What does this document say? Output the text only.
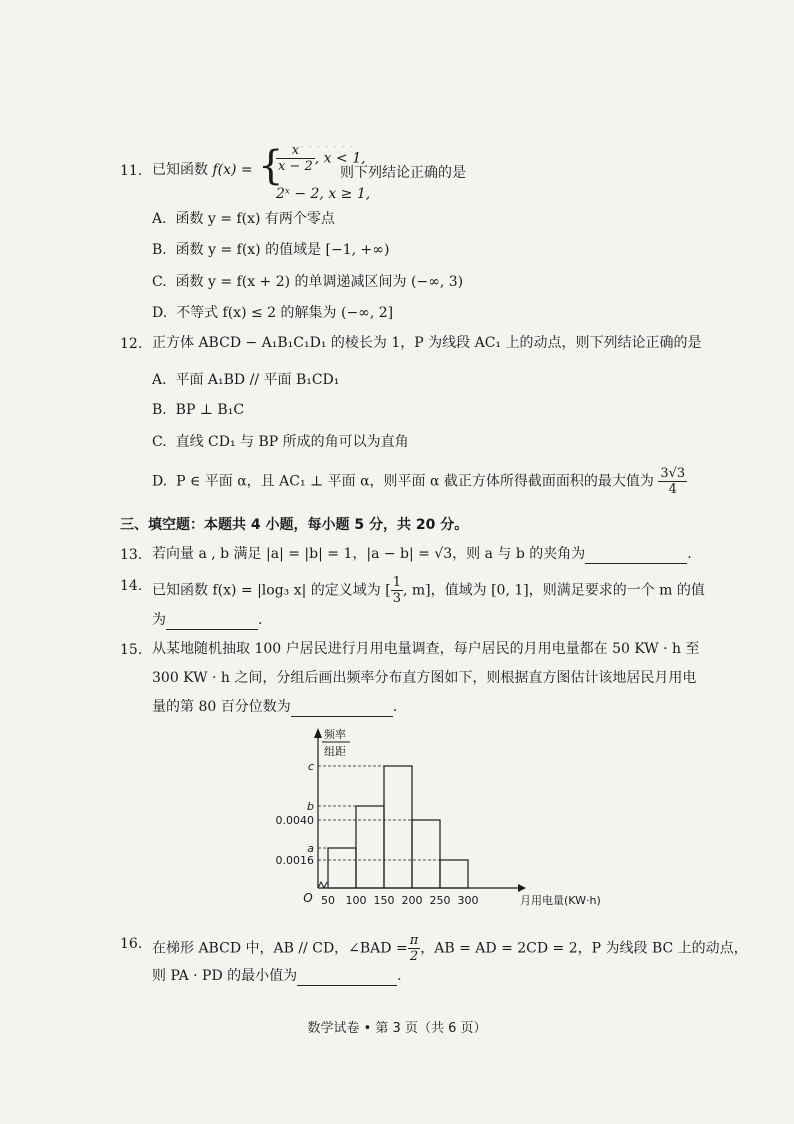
· · · · · · ·
11. 已知函数 f(x) = {
$\frac{x}{x - 2}$ , x < 1,
2ˣ − 2, x ≥ 1,
则下列结论正确的是
A. 函数 y = f(x) 有两个零点
B. 函数 y = f(x) 的值域是 [−1, +∞)
C. 函数 y = f(x + 2) 的单调递减区间为 (−∞, 3)
D. 不等式 f(x) ≤ 2 的解集为 (−∞, 2]
12. 正方体 ABCD − A₁B₁C₁D₁ 的棱长为 1，P 为线段 AC₁ 上的动点，则下列结论正确的是
A. 平面 A₁BD // 平面 B₁CD₁
B. BP ⊥ B₁C
C. 直线 CD₁ 与 BP 所成的角可以为直角
D. P ∈ 平面 α，且 AC₁ ⊥ 平面 α，则平面 α 截正方体所得截面面积的最大值为 $\frac{3√3}{4}$
三、填空题：本题共 4 小题，每小题 5 分，共 20 分。
13. 若向量 a , b 满足 |a| = |b| = 1，|a − b| = √3，则 a 与 b 的夹角为	.
14. 已知函数 f(x) = |log₃ x| 的定义域为 [ $\frac{1}{3}$ , m]，值域为 [0, 1]，则满足要求的一个 m 的值
为	.
15. 从某地随机抽取 100 户居民进行月用电量调查，每户居民的月用电量都在 50 KW · h 至
300 KW · h 之间，分组后画出频率分布直方图如下，则根据直方图估计该地居民月用电
量的第 80 百分位数为	.
频率
组距
a
b
c
0.0040
0.0016
50 100 150 200 250 300
O	月用电量(KW·h)
16. 在梯形 ABCD 中，AB // CD，∠BAD = $\frac{\pi}{2}$ ，AB = AD = 2CD = 2，P 为线段 BC 上的动点，
则 PA · PD 的最小值为	.
数学试卷 • 第 3 页（共 6 页）
